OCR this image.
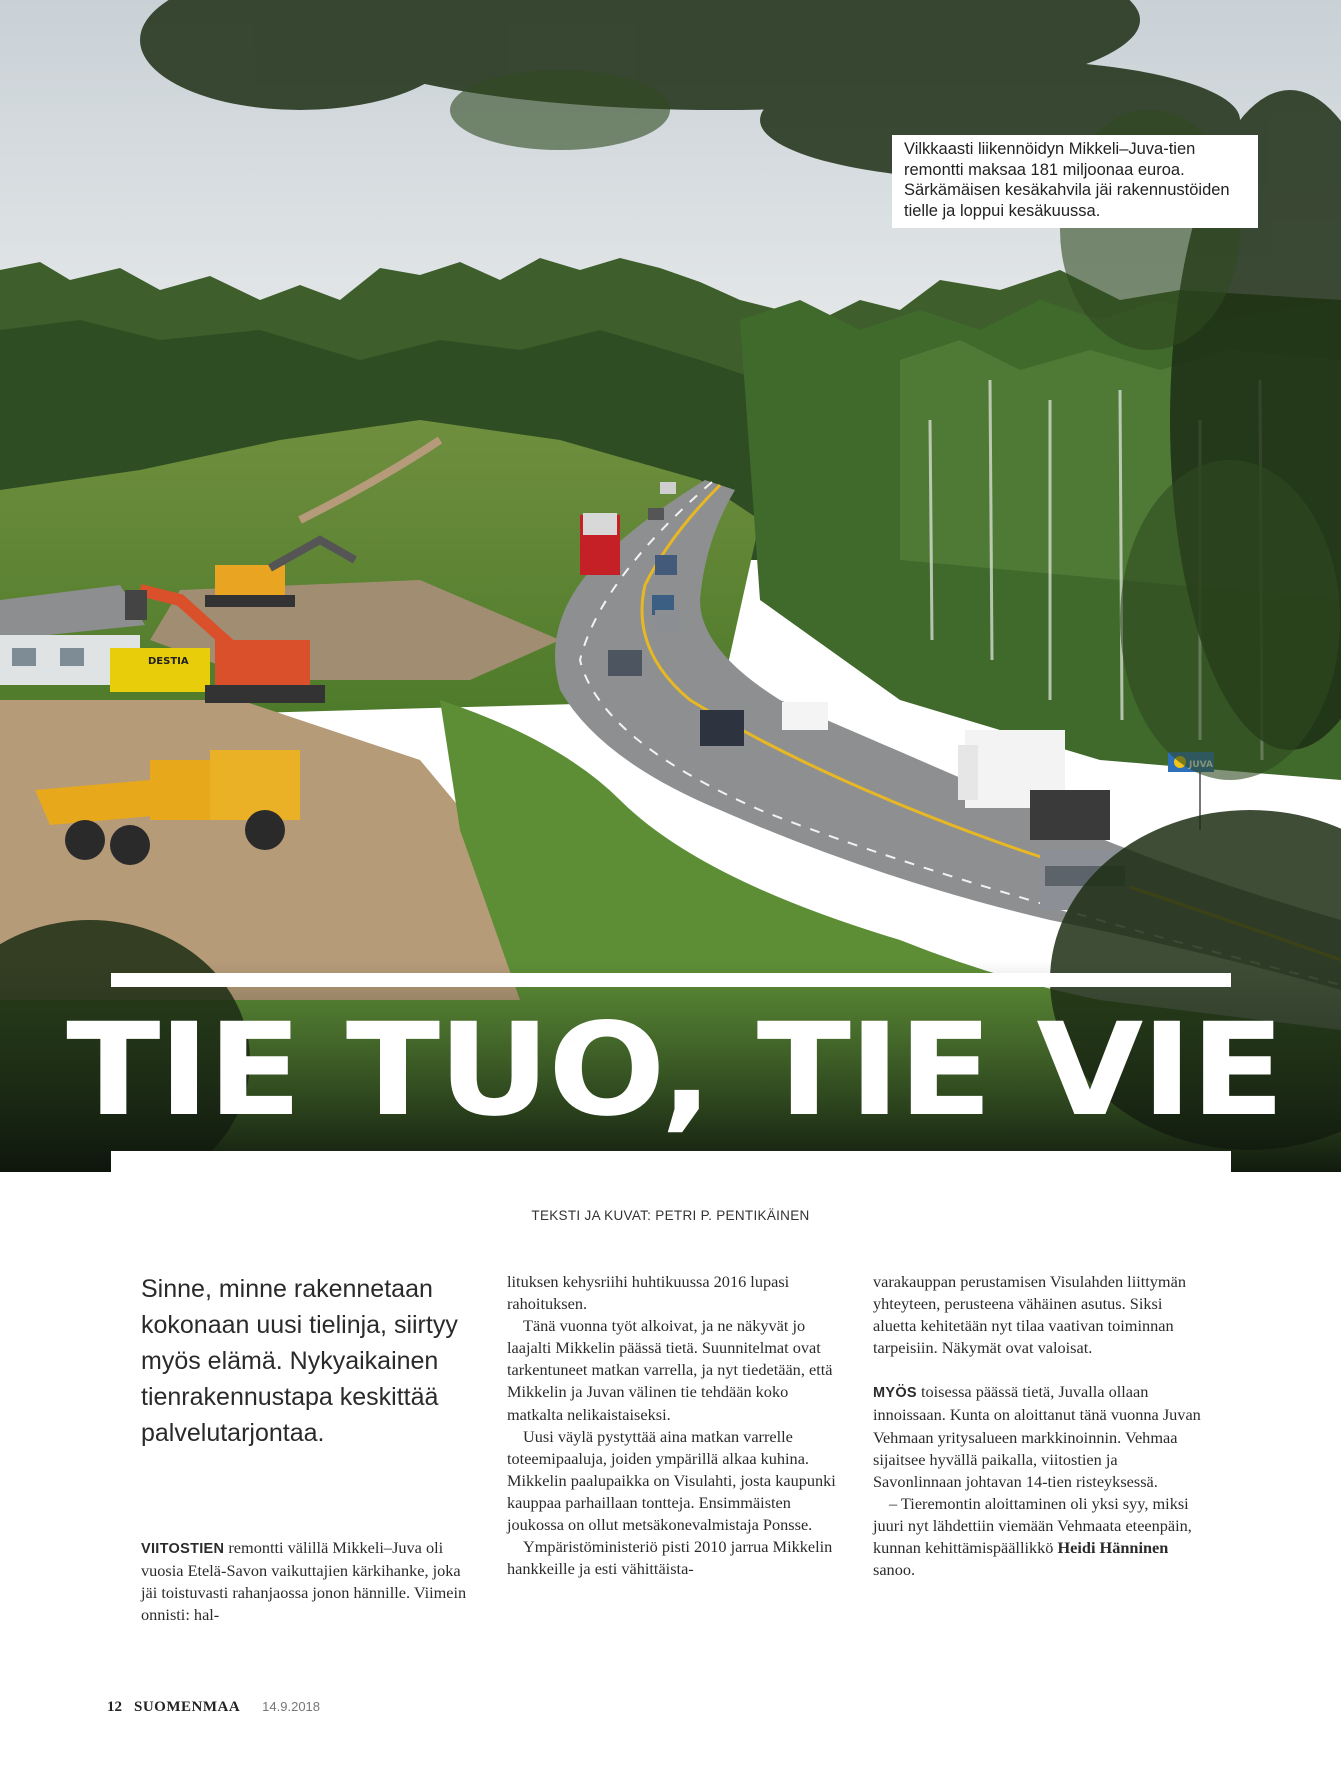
DESTIA
Vilkkaasti liikennöidyn Mikkeli–Juva-tien remontti maksaa 181 miljoonaa euroa. Särkämäisen kesäkahvila jäi rakennustöiden tielle ja loppui kesäkuussa.
TIE TUO, TIE VIE
TEKSTI JA KUVAT: PETRI P. PENTIKÄINEN

Sinne, minne rakennetaan kokonaan uusi tielinja, siirtyy myös elämä. Nykyaikainen tienrakennustapa keskittää palvelutarjontaa.

VIITOSTIEN remontti välillä Mikkeli–Juva oli vuosia Etelä-Savon vaikuttajien kärkihanke, joka jäi toistuvasti rahanjaossa jonon hännille. Viimein onnisti: hal-

lituksen kehysriihi huhtikuussa 2016 lupasi rahoituksen.

Tänä vuonna työt alkoivat, ja ne näkyvät jo laajalti Mikkelin päässä tietä. Suunnitelmat ovat tarkentuneet matkan varrella, ja nyt tiedetään, että Mikkelin ja Juvan välinen tie tehdään koko matkalta nelikaistaiseksi.

Uusi väylä pystyttää aina matkan varrelle toteemipaaluja, joiden ympärillä alkaa kuhina. Mikkelin paalupaikka on Visulahti, josta kaupunki kauppaa parhaillaan tontteja. Ensimmäisten joukossa on ollut metsäkonevalmistaja Ponsse.

Ympäristöministeriö pisti 2010 jarrua Mikkelin hankkeille ja esti vähittäista-

varakauppan perustamisen Visulahden liittymän yhteyteen, perusteena vähäinen asutus. Siksi aluetta kehitetään nyt tilaa vaativan toiminnan tarpeisiin. Näkymät ovat valoisat.

MYÖS toisessa päässä tietä, Juvalla ollaan innoissaan. Kunta on aloittanut tänä vuonna Juvan Vehmaan yritysalueen markkinoinnin. Vehmaa sijaitsee hyvällä paikalla, viitostien ja Savonlinnaan johtavan 14-tien risteyksessä.

– Tieremontin aloittaminen oli yksi syy, miksi juuri nyt lähdettiin viemään Vehmaata eteenpäin, kunnan kehittämispäällikkö Heidi Hänninen sanoo.

12 SUOMENMAA 14.9.2018
